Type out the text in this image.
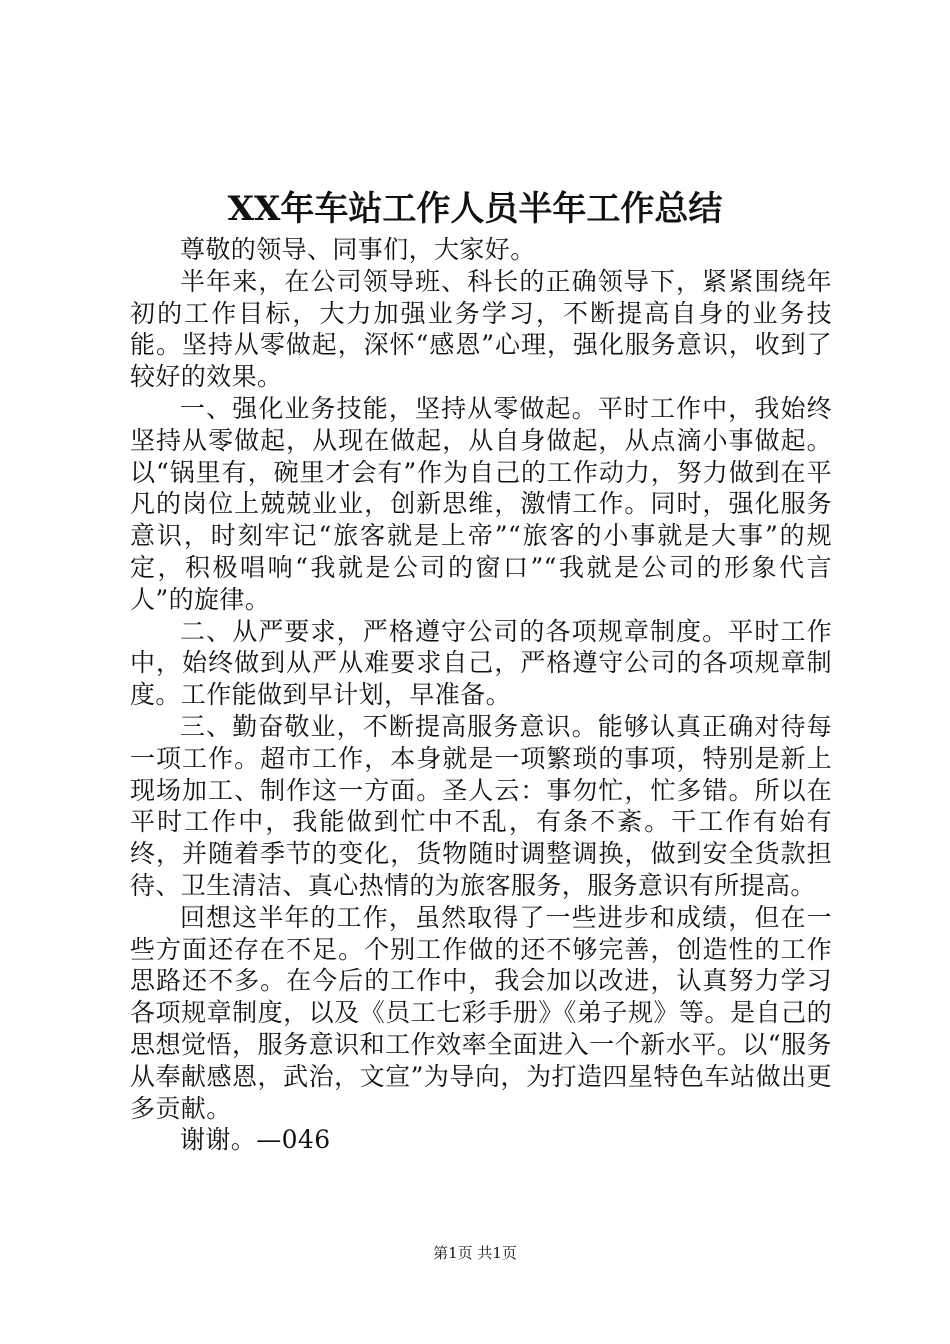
XX年车站工作人员半年工作总结

尊敬的领导、同事们，大家好。

半年来，在公司领导班、科长的正确领导下，紧紧围绕年初的工作目标，大力加强业务学习，不断提高自身的业务技能。坚持从零做起，深怀“感恩”心理，强化服务意识，收到了较好的效果。

一、强化业务技能，坚持从零做起。平时工作中，我始终坚持从零做起，从现在做起，从自身做起，从点滴小事做起。以“锅里有，碗里才会有”作为自己的工作动力，努力做到在平凡的岗位上兢兢业业，创新思维，激情工作。同时，强化服务意识，时刻牢记“旅客就是上帝”“旅客的小事就是大事”的规定，积极唱响“我就是公司的窗口”“我就是公司的形象代言人”的旋律。

二、从严要求，严格遵守公司的各项规章制度。平时工作中，始终做到从严从难要求自己，严格遵守公司的各项规章制度。工作能做到早计划，早准备。

三、勤奋敬业，不断提高服务意识。能够认真正确对待每一项工作。超市工作，本身就是一项繁琐的事项，特别是新上现场加工、制作这一方面。圣人云：事勿忙，忙多错。所以在平时工作中，我能做到忙中不乱，有条不紊。干工作有始有终，并随着季节的变化，货物随时调整调换，做到安全货款担待、卫生清洁、真心热情的为旅客服务，服务意识有所提高。

回想这半年的工作，虽然取得了一些进步和成绩，但在一些方面还存在不足。个别工作做的还不够完善，创造性的工作思路还不多。在今后的工作中，我会加以改进，认真努力学习各项规章制度，以及《员工七彩手册》《弟子规》等。是自己的思想觉悟，服务意识和工作效率全面进入一个新水平。以“服务从奉献感恩，武治，文宣”为导向，为打造四星特色车站做出更多贡献。

谢谢。—046

第1页 共1页
